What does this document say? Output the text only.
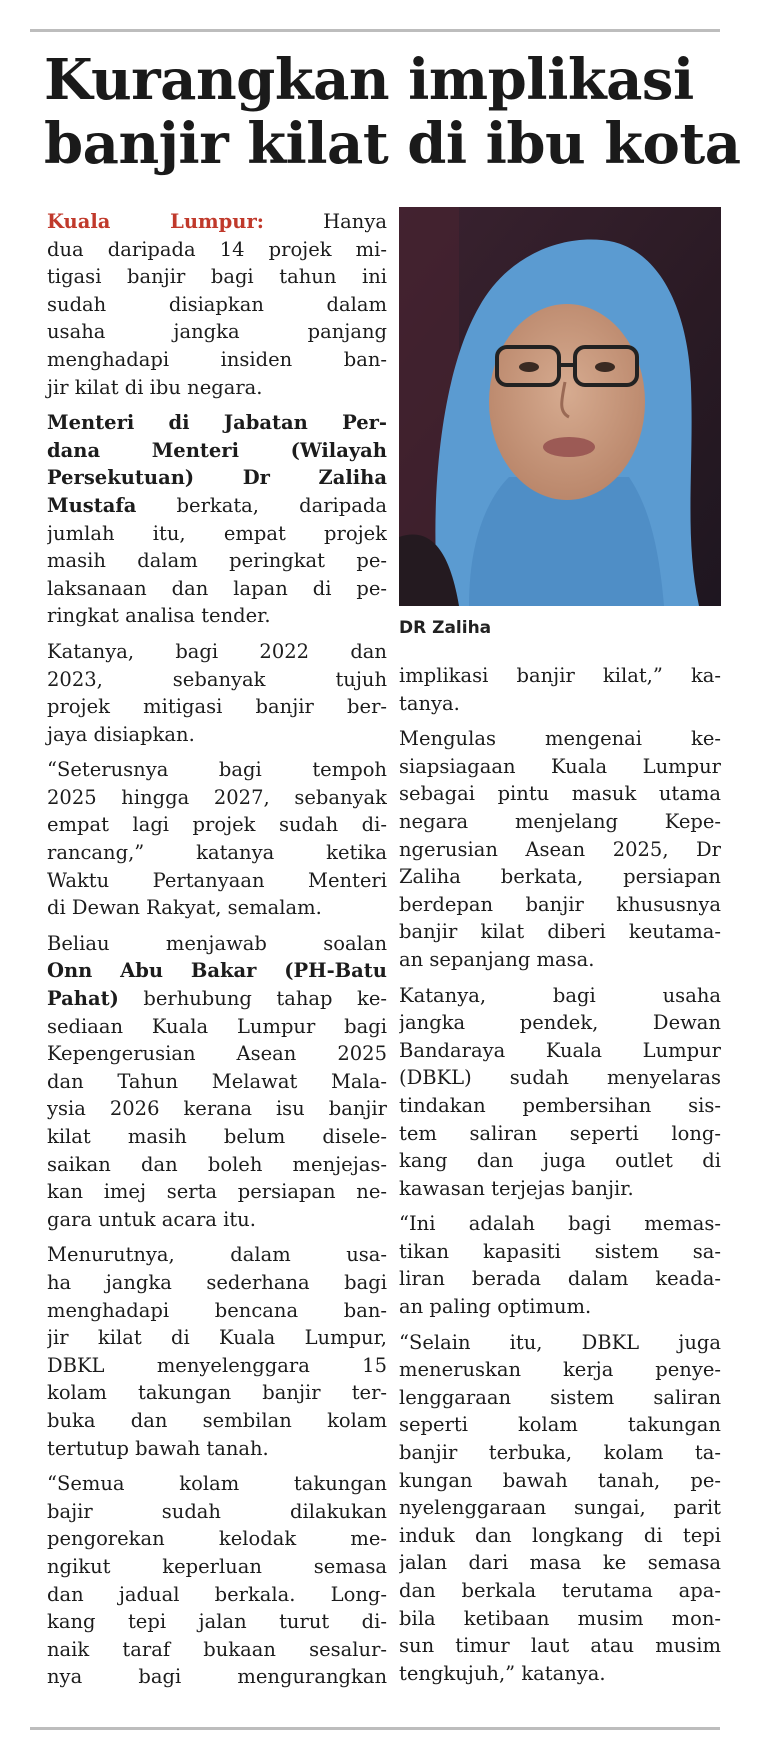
Kurangkan implikasi
banjir kilat di ibu kota
Kuala Lumpur: Hanya
dua daripada 14 projek mi-
tigasi banjir bagi tahun ini
sudah disiapkan dalam
usaha jangka panjang
menghadapi insiden ban-
jir kilat di ibu negara.
Menteri di Jabatan Per-
dana Menteri (Wilayah
Persekutuan) Dr Zaliha
Mustafa berkata, daripada
jumlah itu, empat projek
masih dalam peringkat pe-
laksanaan dan lapan di pe-
ringkat analisa tender.
Katanya, bagi 2022 dan
2023, sebanyak tujuh
projek mitigasi banjir ber-
jaya disiapkan.
“Seterusnya bagi tempoh
2025 hingga 2027, sebanyak
empat lagi projek sudah di-
rancang,” katanya ketika
Waktu Pertanyaan Menteri
di Dewan Rakyat, semalam.
Beliau menjawab soalan
Onn Abu Bakar (PH-Batu
Pahat) berhubung tahap ke-
sediaan Kuala Lumpur bagi
Kepengerusian Asean 2025
dan Tahun Melawat Mala-
ysia 2026 kerana isu banjir
kilat masih belum disele-
saikan dan boleh menjejas-
kan imej serta persiapan ne-
gara untuk acara itu.
Menurutnya, dalam usa-
ha jangka sederhana bagi
menghadapi bencana ban-
jir kilat di Kuala Lumpur,
DBKL menyelenggara 15
kolam takungan banjir ter-
buka dan sembilan kolam
tertutup bawah tanah.
“Semua kolam takungan
bajir sudah dilakukan
pengorekan kelodak me-
ngikut keperluan semasa
dan jadual berkala. Long-
kang tepi jalan turut di-
naik taraf bukaan sesalur-
nya bagi mengurangkan
DR Zaliha
implikasi banjir kilat,” ka-
tanya.
Mengulas mengenai ke-
siapsiagaan Kuala Lumpur
sebagai pintu masuk utama
negara menjelang Kepe-
ngerusian Asean 2025, Dr
Zaliha berkata, persiapan
berdepan banjir khususnya
banjir kilat diberi keutama-
an sepanjang masa.
Katanya, bagi usaha
jangka pendek, Dewan
Bandaraya Kuala Lumpur
(DBKL) sudah menyelaras
tindakan pembersihan sis-
tem saliran seperti long-
kang dan juga outlet di
kawasan terjejas banjir.
“Ini adalah bagi memas-
tikan kapasiti sistem sa-
liran berada dalam keada-
an paling optimum.
“Selain itu, DBKL juga
meneruskan kerja penye-
lenggaraan sistem saliran
seperti kolam takungan
banjir terbuka, kolam ta-
kungan bawah tanah, pe-
nyelenggaraan sungai, parit
induk dan longkang di tepi
jalan dari masa ke semasa
dan berkala terutama apa-
bila ketibaan musim mon-
sun timur laut atau musim
tengkujuh,” katanya.
